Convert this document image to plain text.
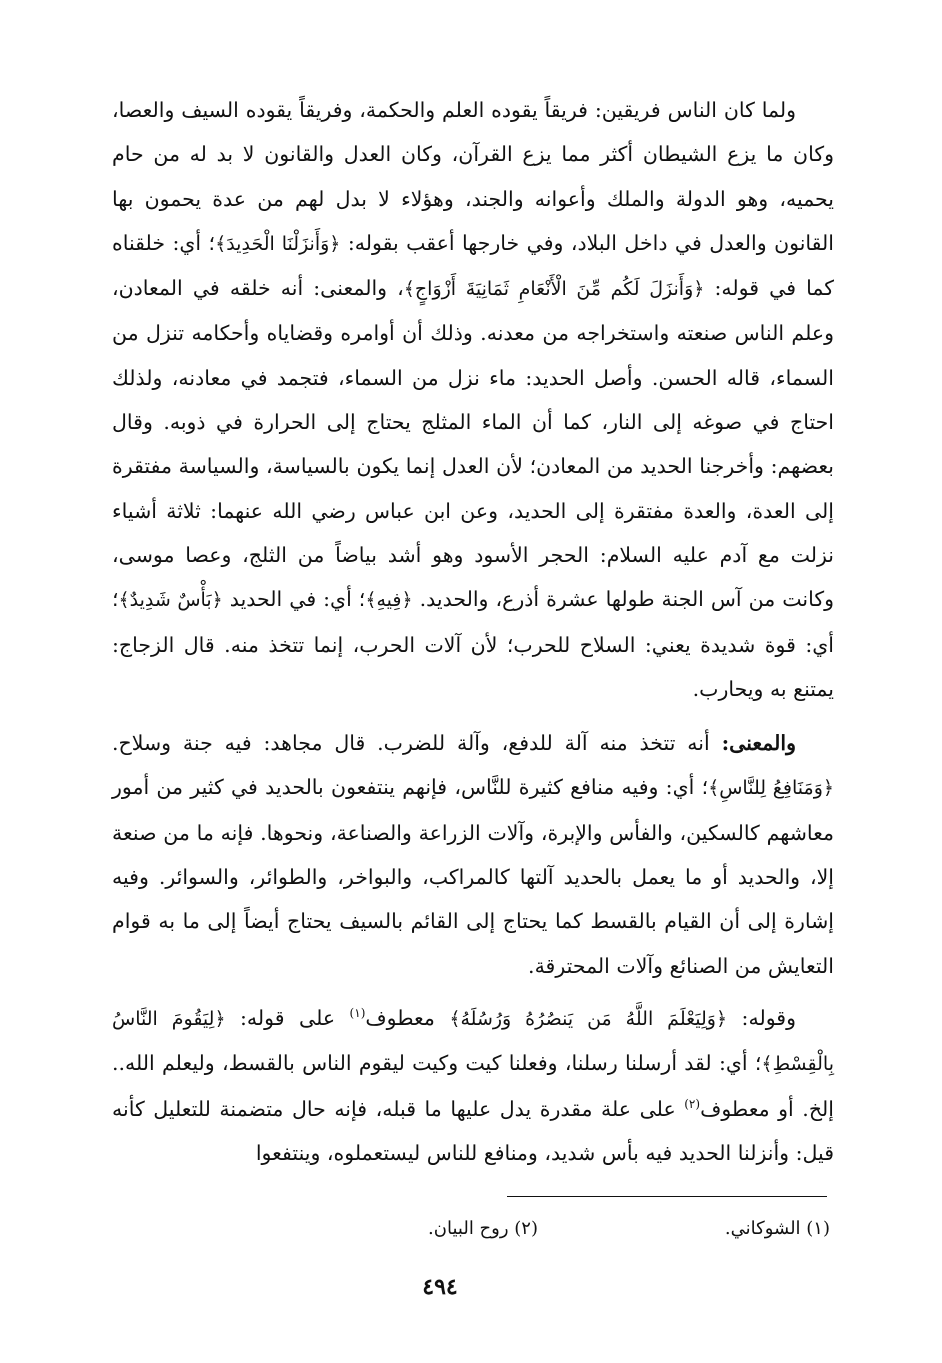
ولما كان الناس فريقين: فريقاً يقوده العلم والحكمة، وفريقاً يقوده السيف والعصا، وكان ما يزع الشيطان أكثر مما يزع القرآن، وكان العدل والقانون لا بد له من حام يحميه، وهو الدولة والملك وأعوانه والجند، وهؤلاء لا بدل لهم من عدة يحمون بها القانون والعدل في داخل البلاد، وفي خارجها أعقب بقوله: ﴿وَأَنزَلْنَا الْحَدِيدَ﴾؛ أي: خلقناه كما في قوله: ﴿وَأَنزَلَ لَكُم مِّنَ الْأَنْعَامِ ثَمَانِيَةَ أَزْوَاجٍ﴾، والمعنى: أنه خلقه في المعادن، وعلم الناس صنعته واستخراجه من معدنه. وذلك أن أوامره وقضاياه وأحكامه تنزل من السماء، قاله الحسن. وأصل الحديد: ماء نزل من السماء، فتجمد في معادنه، ولذلك احتاج في صوغه إلى النار، كما أن الماء المثلج يحتاج إلى الحرارة في ذوبه. وقال بعضهم: وأخرجنا الحديد من المعادن؛ لأن العدل إنما يكون بالسياسة، والسياسة مفتقرة إلى العدة، والعدة مفتقرة إلى الحديد، وعن ابن عباس رضي الله عنهما: ثلاثة أشياء نزلت مع آدم عليه السلام: الحجر الأسود وهو أشد بياضاً من الثلج، وعصا موسى، وكانت من آس الجنة طولها عشرة أذرع، والحديد. ﴿فِيهِ﴾؛ أي: في الحديد ﴿بَأْسٌ شَدِيدٌ﴾؛ أي: قوة شديدة يعني: السلاح للحرب؛ لأن آلات الحرب، إنما تتخذ منه. قال الزجاج: يمتنع به ويحارب.

والمعنى: أنه تتخذ منه آلة للدفع، وآلة للضرب. قال مجاهد: فيه جنة وسلاح. ﴿وَمَنَافِعُ لِلنَّاسِ﴾؛ أي: وفيه منافع كثيرة للنَّاس، فإنهم ينتفعون بالحديد في كثير من أمور معاشهم كالسكين، والفأس والإبرة، وآلات الزراعة والصناعة، ونحوها. فإنه ما من صنعة إلا، والحديد أو ما يعمل بالحديد آلتها كالمراكب، والبواخر، والطوائر، والسوائر. وفيه إشارة إلى أن القيام بالقسط كما يحتاج إلى القائم بالسيف يحتاج أيضاً إلى ما به قوام التعايش من الصنائع وآلات المحترقة.

وقوله: ﴿وَلِيَعْلَمَ اللَّهُ مَن يَنصُرُهُ وَرُسُلَهُ﴾ معطوف$^{(١)}$ على قوله: ﴿لِيَقُومَ النَّاسُ بِالْقِسْطِ﴾؛ أي: لقد أرسلنا رسلنا، وفعلنا كيت وكيت ليقوم الناس بالقسط، وليعلم الله.. إلخ. أو معطوف$^{(٢)}$ على علة مقدرة يدل عليها ما قبله، فإنه حال متضمنة للتعليل كأنه قيل: وأنزلنا الحديد فيه بأس شديد، ومنافع للناس ليستعملوه، وينتفعوا

(١) الشوكاني.
(٢) روح البيان.
٤٩٤
